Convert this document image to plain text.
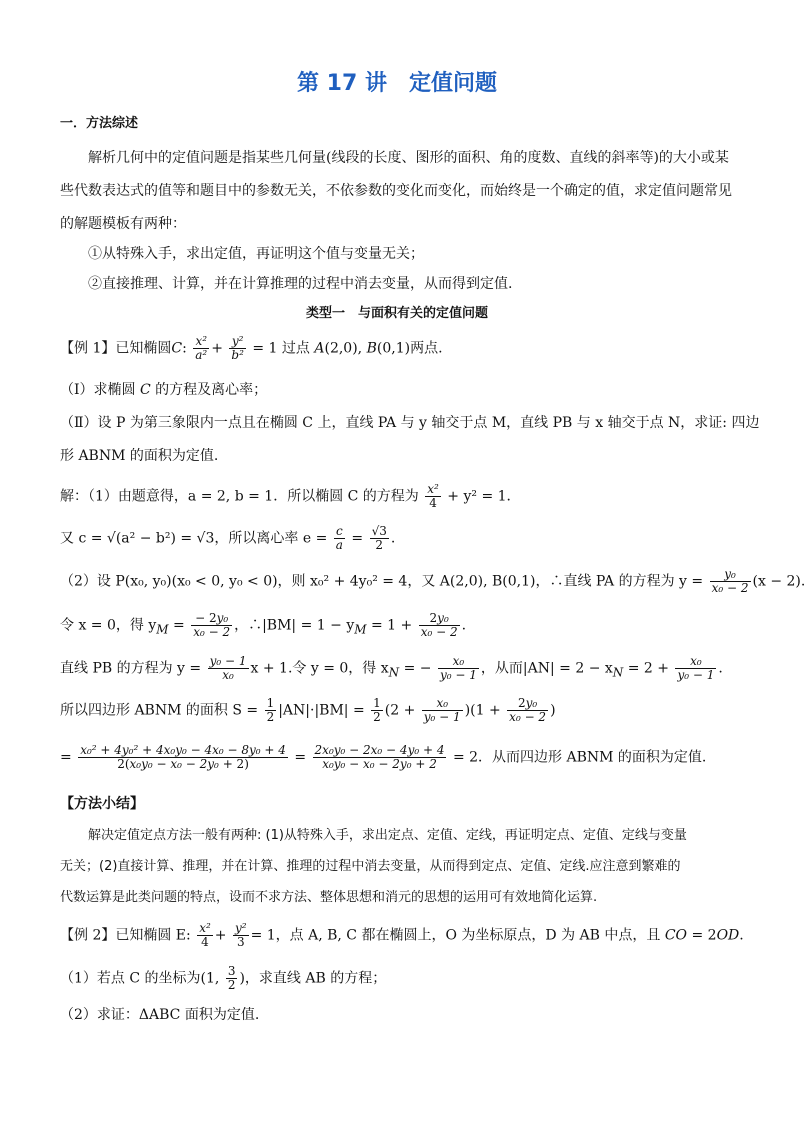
第 17 讲 定值问题
一．方法综述
解析几何中的定值问题是指某些几何量(线段的长度、图形的面积、角的度数、直线的斜率等)的大小或某
些代数表达式的值等和题目中的参数无关，不依参数的变化而变化，而始终是一个确定的值，求定值问题常见
的解题模板有两种：
①从特殊入手，求出定值，再证明这个值与变量无关；
②直接推理、计算，并在计算推理的过程中消去变量，从而得到定值.
类型一　与面积有关的定值问题
【例 1】已知椭圆C: $\frac{\text{x²}}{\text{a²}} + \frac{\text{y²}}{\text{b²}} = 1$ 过点 A(2,0), B(0,1)两点.
（I）求椭圆 C 的方程及离心率；
（Ⅱ）设 P 为第三象限内一点且在椭圆 C 上，直线 PA 与 y 轴交于点 M，直线 PB 与 x 轴交于点 N，求证: 四边
形 ABNM 的面积为定值.
解：（1）由题意得，a = 2, b = 1．所以椭圆 C 的方程为 $\frac{\text{x²}}{4} + y^2 = 1$．
又 c = √(a² − b²) = √3，所以离心率 $e = \frac{c}{a} = \frac{√3}{2}$ .
（2）设 P(x₀, y₀)(x₀ < 0, y₀ < 0)，则 x₀² + 4y₀² = 4，又 A(2,0), B(0,1)，∴直线 PA 的方程为 $y = \frac{\text{y₀}}{\text{x₀ − 2}} (x - 2)$.
令 x = 0，得 $y_M = \frac{\text{− 2y₀}}{\text{x₀ − 2}}$ ，∴|BM| = $1 - y_M = 1 + \frac{\text{2y₀}}{\text{x₀ − 2}}$ .
直线 PB 的方程为 $y = \frac{\text{y₀ − 1}}{\text{x₀}}$ x + 1.令 y = 0，得 $x_N$ = − $\frac{\text{x₀}}{\text{y₀ − 1}}$ ，从而$|AN| = 2 - x_N = 2 + \frac{\text{x₀}}{\text{y₀ − 1}}$ .
所以四边形 ABNM 的面积 $S = \frac{1}{2} |AN|\cdot|BM| = \frac{1}{2} (2 + \frac{\text{x₀}}{\text{y₀ − 1}} )(1 + \frac{\text{2y₀}}{\text{x₀ − 2}}$ )
= $\frac{\text{x₀² + 4y₀² + 4x₀y₀ − 4x₀ − 8y₀ + 4}}{\text{2(x₀y₀ − x₀ − 2y₀ + 2)}} = \frac{\text{2x₀y₀ − 2x₀ − 4y₀ + 4}}{\text{x₀y₀ − x₀ − 2y₀ + 2}} = 2$．从而四边形 ABNM 的面积为定值.
【方法小结】
解决定值定点方法一般有两种: (1)从特殊入手，求出定点、定值、定线，再证明定点、定值、定线与变量
无关；(2)直接计算、推理，并在计算、推理的过程中消去变量，从而得到定点、定值、定线.应注意到繁难的
代数运算是此类问题的特点，设而不求方法、整体思想和消元的思想的运用可有效地简化运算.
【例 2】已知椭圆 E: $\frac{\text{x²}}{4} + \frac{\text{y²}}{3} = 1$，点 A, B, C 都在椭圆上，O 为坐标原点，D 为 AB 中点，且 CO = 2OD.
（1）若点 C 的坐标为(1, $\frac{3}{2}$ )，求直线 AB 的方程；
（2）求证：ΔABC 面积为定值.
